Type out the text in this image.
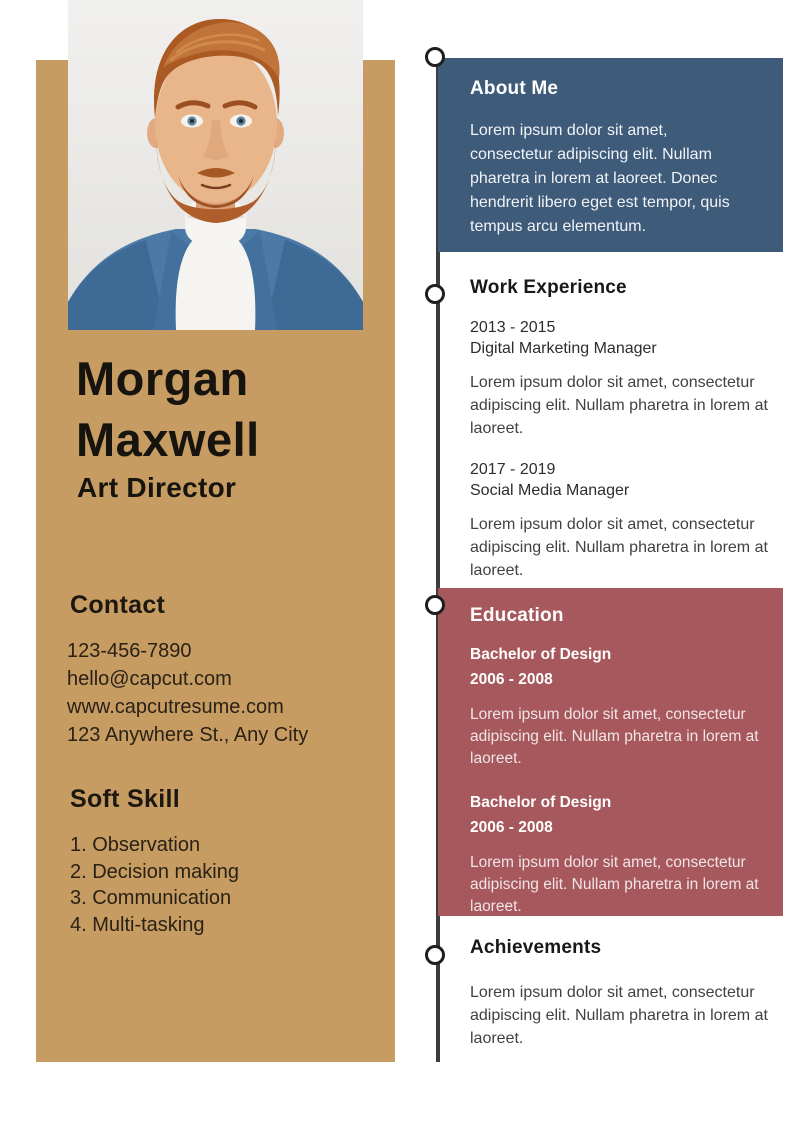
Morgan
Maxwell
Art Director
Contact
123-456-7890
hello@capcut.com
www.capcutresume.com
123 Anywhere St., Any City
Soft Skill
1. Observation
2. Decision making
3. Communication
4. Multi-tasking
About Me

Lorem ipsum dolor sit amet, consectetur adipiscing elit. Nullam pharetra in lorem at laoreet. Donec hendrerit libero eget est tempor, quis tempus arcu elementum.

Work Experience

2013 - 2015

Digital Marketing Manager

Lorem ipsum dolor sit amet, consectetur adipiscing elit. Nullam pharetra in lorem at laoreet.

2017 - 2019

Social Media Manager

Lorem ipsum dolor sit amet, consectetur adipiscing elit. Nullam pharetra in lorem at laoreet.

Education

Bachelor of Design

2006 - 2008

Lorem ipsum dolor sit amet, consectetur adipiscing elit. Nullam pharetra in lorem at laoreet.

Bachelor of Design

2006 - 2008

Lorem ipsum dolor sit amet, consectetur adipiscing elit. Nullam pharetra in lorem at laoreet.

Achievements

Lorem ipsum dolor sit amet, consectetur adipiscing elit. Nullam pharetra in lorem at laoreet.
